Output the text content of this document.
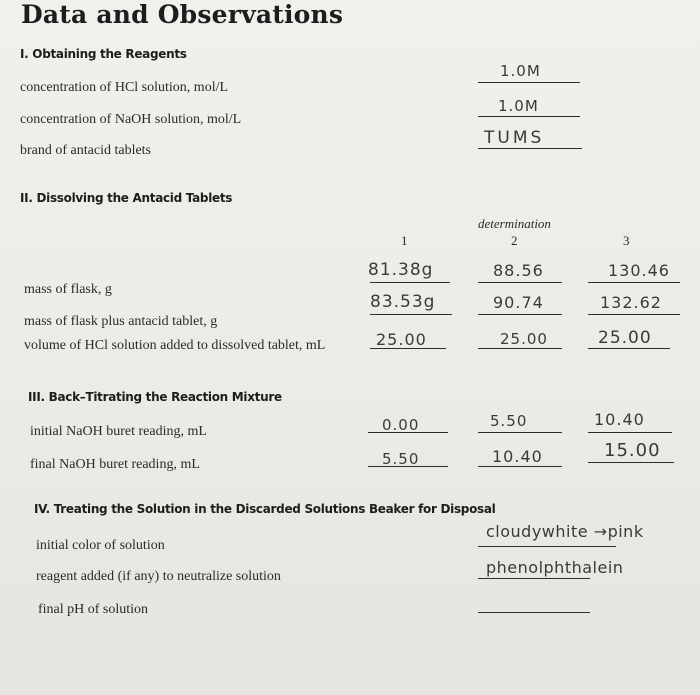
Data and Observations
I. Obtaining the Reagents
concentration of HCl solution, mol/L
1.0M
concentration of NaOH solution, mol/L
1.0M
brand of antacid tablets
TUMS
II. Dissolving the Antacid Tablets
determination
1	2	3
mass of flask, g
81.38g	88.56	130.46
mass of flask plus antacid tablet, g
83.53g	90.74	132.62
volume of HCl solution added to dissolved tablet, mL	25.00	25.00	25.00
III. Back–Titrating the Reaction Mixture
initial NaOH buret reading, mL	0.00	5.50	10.40
final NaOH buret reading, mL	5.50	10.40	15.00
IV. Treating the Solution in the Discarded Solutions Beaker for Disposal
initial color of solution
cloudywhite →pink
reagent added (if any) to neutralize solution	phenolphthalein
final pH of solution
